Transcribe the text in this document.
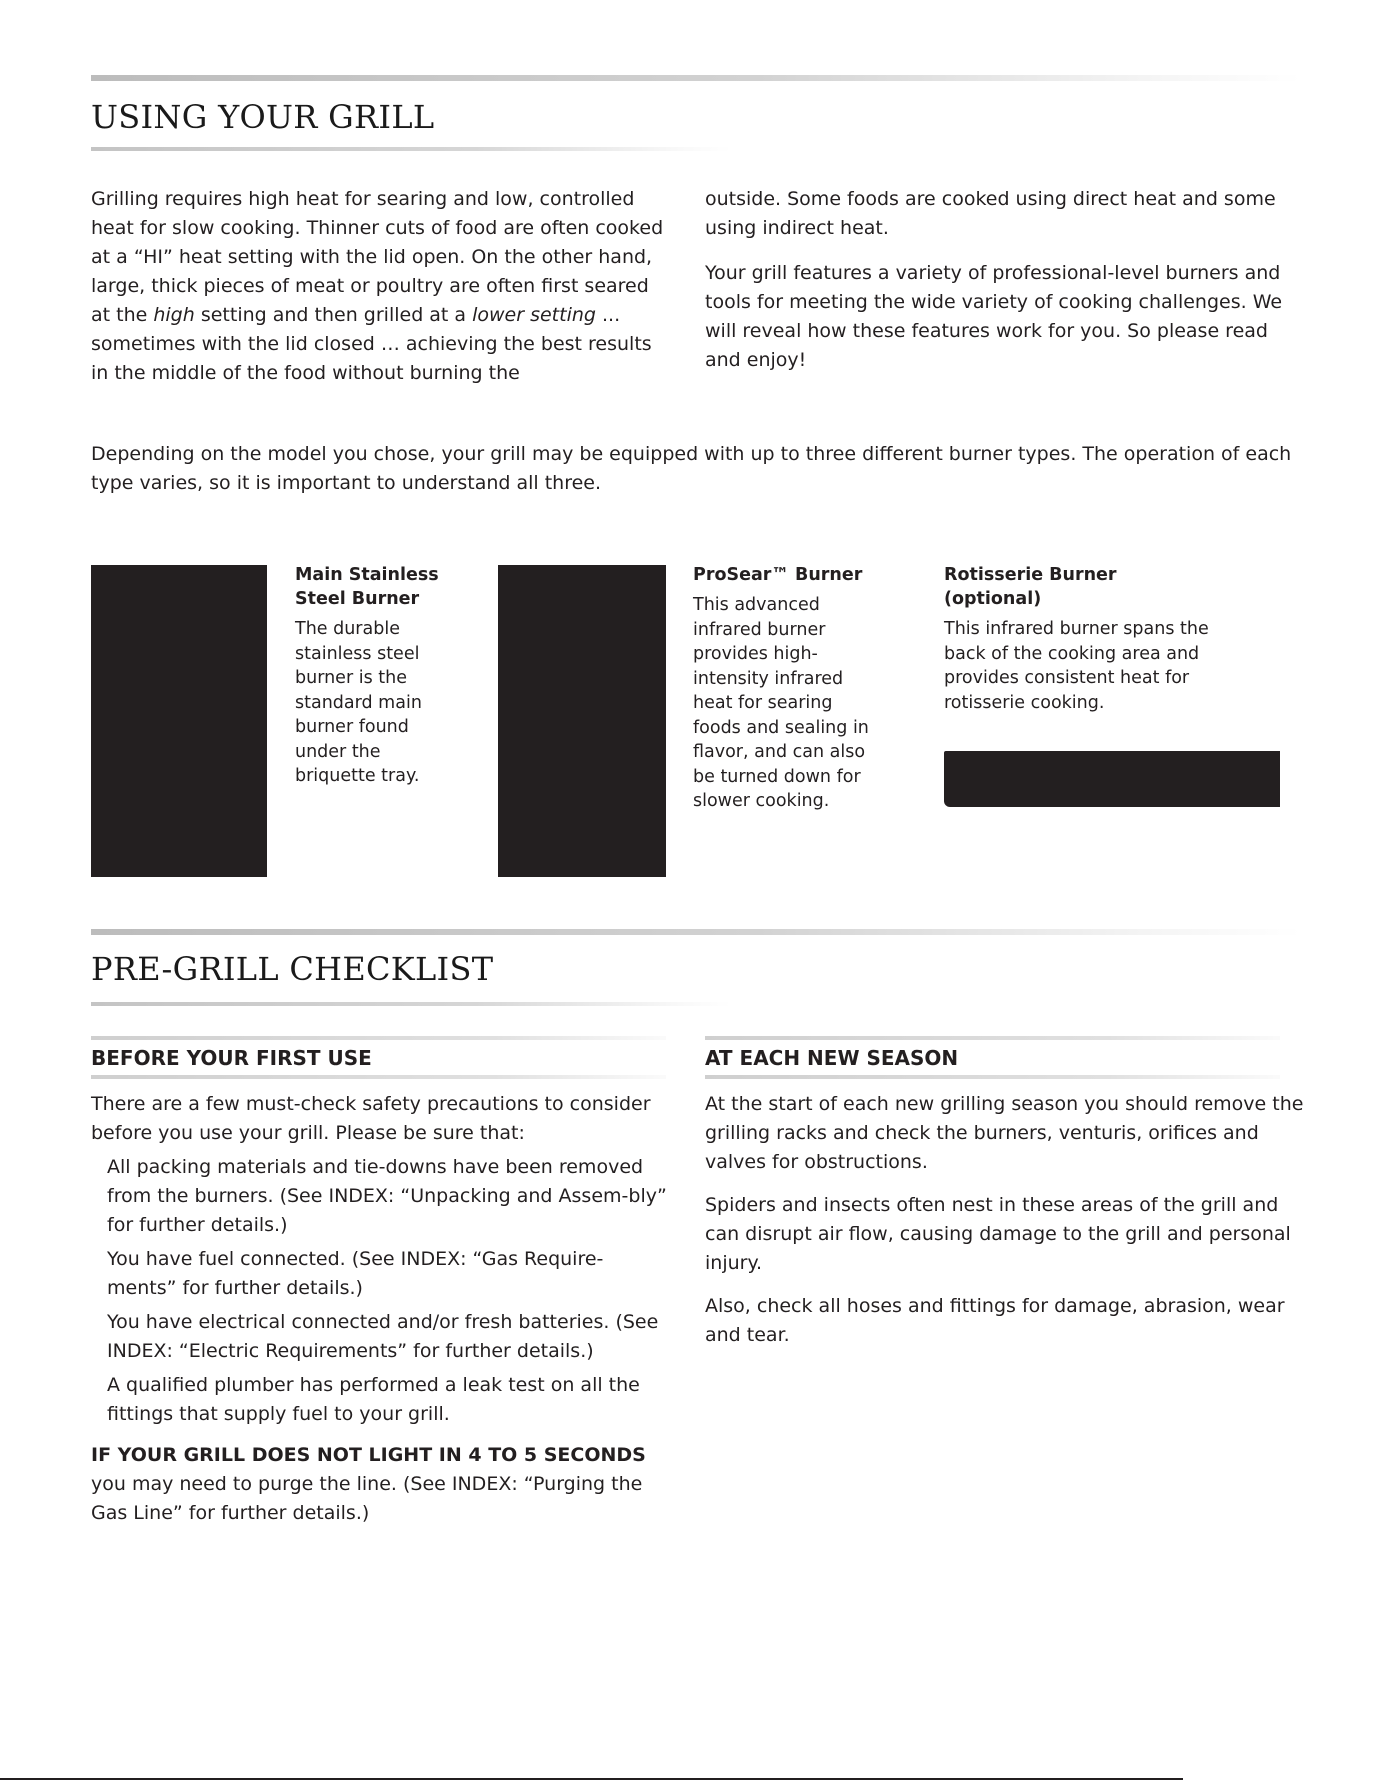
USING YOUR GRILL

Grilling requires high heat for searing and low, controlled heat for slow cooking. Thinner cuts of food are often cooked at a “HI” heat setting with the lid open. On the other hand, large, thick pieces of meat or poultry are often first seared at the high setting and then grilled at a lower setting ... sometimes with the lid closed … achieving the best results in the middle of the food without burning the

outside. Some foods are cooked using direct heat and some using indirect heat.

Your grill features a variety of professional-level burners and tools for meeting the wide variety of cooking challenges. We will reveal how these features work for you. So please read and enjoy!

Depending on the model you chose, your grill may be equipped with up to three different burner types. The operation of each type varies, so it is important to understand all three.

Main Stainless Steel Burner

The durable stainless steel burner is the standard main burner found under the briquette tray.

ProSear™ Burner

This advanced infrared burner provides high-intensity infrared heat for searing foods and sealing in flavor, and can also be turned down for slower cooking.

Rotisserie Burner (optional)

This infrared burner spans the back of the cooking area and provides consistent heat for rotisserie cooking.

PRE-GRILL CHECKLIST
BEFORE YOUR FIRST USE

There are a few must-check safety precautions to consider before you use your grill. Please be sure that:

All packing materials and tie-downs have been removed from the burners. (See INDEX: “Unpacking and Assem-bly” for further details.)
You have fuel connected. (See INDEX: “Gas Require-ments” for further details.)
You have electrical connected and/or fresh batteries. (See INDEX: “Electric Requirements” for further details.)
A qualified plumber has performed a leak test on all the fittings that supply fuel to your grill.

IF YOUR GRILL DOES NOT LIGHT IN 4 TO 5 SECONDS

you may need to purge the line. (See INDEX: “Purging the Gas Line” for further details.)

AT EACH NEW SEASON

At the start of each new grilling season you should remove the grilling racks and check the burners, venturis, orifices and valves for obstructions.

Spiders and insects often nest in these areas of the grill and can disrupt air flow, causing damage to the grill and personal injury.

Also, check all hoses and fittings for damage, abrasion, wear and tear.
